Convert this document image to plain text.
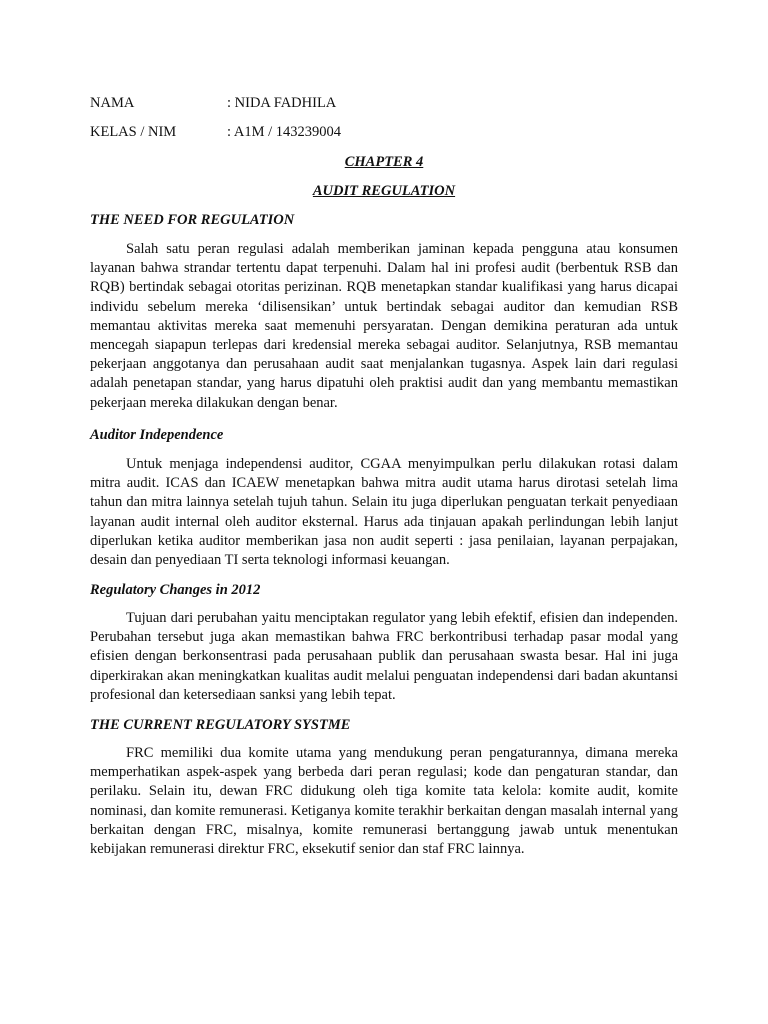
NAMA	: NIDA FADHILA
KELAS / NIM	: A1M / 143239004
CHAPTER 4
AUDIT REGULATION
THE NEED FOR REGULATION

Salah satu peran regulasi adalah memberikan jaminan kepada pengguna atau konsumen layanan bahwa strandar tertentu dapat terpenuhi. Dalam hal ini profesi audit (berbentuk RSB dan RQB) bertindak sebagai otoritas perizinan. RQB menetapkan standar kualifikasi yang harus dicapai individu sebelum mereka ‘dilisensikan’ untuk bertindak sebagai auditor dan kemudian RSB memantau aktivitas mereka saat memenuhi persyaratan. Dengan demikina peraturan ada untuk mencegah siapapun terlepas dari kredensial mereka sebagai auditor. Selanjutnya, RSB memantau pekerjaan anggotanya dan perusahaan audit saat menjalankan tugasnya. Aspek lain dari regulasi adalah penetapan standar, yang harus dipatuhi oleh praktisi audit dan yang membantu memastikan pekerjaan mereka dilakukan dengan benar.

Auditor Independence

Untuk menjaga independensi auditor, CGAA menyimpulkan perlu dilakukan rotasi dalam mitra audit. ICAS dan ICAEW menetapkan bahwa mitra audit utama harus dirotasi setelah lima tahun dan mitra lainnya setelah tujuh tahun. Selain itu juga diperlukan penguatan terkait penyediaan layanan audit internal oleh auditor eksternal. Harus ada tinjauan apakah perlindungan lebih lanjut diperlukan ketika auditor memberikan jasa non audit seperti : jasa penilaian, layanan perpajakan, desain dan penyediaan TI serta teknologi informasi keuangan.

Regulatory Changes in 2012

Tujuan dari perubahan yaitu menciptakan regulator yang lebih efektif, efisien dan independen. Perubahan tersebut juga akan memastikan bahwa FRC berkontribusi terhadap pasar modal yang efisien dengan berkonsentrasi pada perusahaan publik dan perusahaan swasta besar. Hal ini juga diperkirakan akan meningkatkan kualitas audit melalui penguatan independensi dari badan akuntansi profesional dan ketersediaan sanksi yang lebih tepat.

THE CURRENT REGULATORY SYSTME

FRC memiliki dua komite utama yang mendukung peran pengaturannya, dimana mereka memperhatikan aspek-aspek yang berbeda dari peran regulasi; kode dan pengaturan standar, dan perilaku. Selain itu, dewan FRC didukung oleh tiga komite tata kelola: komite audit, komite nominasi, dan komite remunerasi. Ketiganya komite terakhir berkaitan dengan masalah internal yang berkaitan dengan FRC, misalnya, komite remunerasi bertanggung jawab untuk menentukan kebijakan remunerasi direktur FRC, eksekutif senior dan staf FRC lainnya.
